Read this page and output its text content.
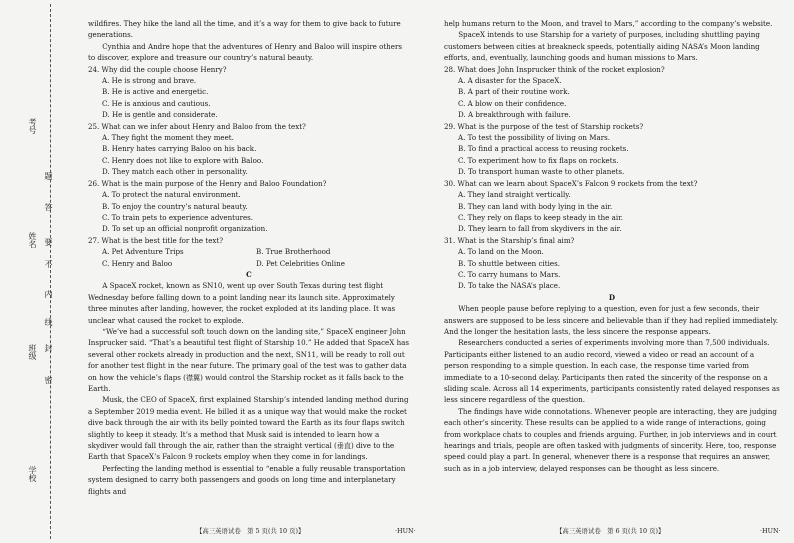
考号
姓名
班级
学校
题
答
要
不
内
线
封
密

wildfires. They hike the land all the time, and it’s a way for them to give back to future generations.

Cynthia and Andre hope that the adventures of Henry and Baloo will inspire others to discover, explore and treasure our country’s natural beauty.

24. Why did the couple choose Henry?

A. He is strong and brave.

B. He is active and energetic.

C. He is anxious and cautious.

D. He is gentle and considerate.

25. What can we infer about Henry and Baloo from the text?

A. They fight the moment they meet.

B. Henry hates carrying Baloo on his back.

C. Henry does not like to explore with Baloo.

D. They match each other in personality.

26. What is the main purpose of the Henry and Baloo Foundation?

A. To protect the natural environment.

B. To enjoy the country’s natural beauty.

C. To train pets to experience adventures.

D. To set up an official nonprofit organization.

27. What is the best title for the text?

A. Pet Adventure Trips	B. True Brotherhood
C. Henry and Baloo	D. Pet Celebrities Online

C

A SpaceX rocket, known as SN10, went up over South Texas during test flight Wednesday before falling down to a point landing near its launch site. Approximately three minutes after landing, however, the rocket exploded at its landing place. It was unclear what caused the rocket to explode.

“We’ve had a successful soft touch down on the landing site,” SpaceX engineer John Insprucker said. “That’s a beautiful test flight of Starship 10.” He added that SpaceX has several other rockets already in production and the next, SN11, will be ready to roll out for another test flight in the near future. The primary goal of the test was to gather data on how the vehicle’s flaps (襟翼) would control the Starship rocket as it falls back to the Earth.

Musk, the CEO of SpaceX, first explained Starship’s intended landing method during a September 2019 media event. He billed it as a unique way that would make the rocket dive back through the air with its belly pointed toward the Earth as its four flaps switch slightly to keep it steady. It’s a method that Musk said is intended to learn how a skydiver would fall through the air, rather than the straight vertical (垂直) dive to the Earth that SpaceX’s Falcon 9 rockets employ when they come in for landings.

Perfecting the landing method is essential to “enable a fully reusable transportation system designed to carry both passengers and goods on long time and interplanetary flights and

help humans return to the Moon, and travel to Mars,” according to the company’s website.

SpaceX intends to use Starship for a variety of purposes, including shuttling paying customers between cities at breakneck speeds, potentially aiding NASA’s Moon landing efforts, and, eventually, launching goods and human missions to Mars.

28. What does John Insprucker think of the rocket explosion?

A. A disaster for the SpaceX.

B. A part of their routine work.

C. A blow on their confidence.

D. A breakthrough with failure.

29. What is the purpose of the test of Starship rockets?

A. To test the possibility of living on Mars.

B. To find a practical access to reusing rockets.

C. To experiment how to fix flaps on rockets.

D. To transport human waste to other planets.

30. What can we learn about SpaceX’s Falcon 9 rockets from the text?

A. They land straight vertically.

B. They can land with body lying in the air.

C. They rely on flaps to keep steady in the air.

D. They learn to fall from skydivers in the air.

31. What is the Starship’s final aim?

A. To land on the Moon.

B. To shuttle between cities.

C. To carry humans to Mars.

D. To take the NASA’s place.

D

When people pause before replying to a question, even for just a few seconds, their answers are supposed to be less sincere and believable than if they had replied immediately. And the longer the hesitation lasts, the less sincere the response appears.

Researchers conducted a series of experiments involving more than 7,500 individuals. Participants either listened to an audio record, viewed a video or read an account of a person responding to a simple question. In each case, the response time varied from immediate to a 10-second delay. Participants then rated the sincerity of the response on a sliding scale. Across all 14 experiments, participants consistently rated delayed responses as less sincere regardless of the question.

The findings have wide connotations. Whenever people are interacting, they are judging each other’s sincerity. These results can be applied to a wide range of interactions, going from workplace chats to couples and friends arguing. Further, in job interviews and in court hearings and trials, people are often tasked with judgments of sincerity. Here, too, response speed could play a part. In general, whenever there is a response that requires an answer, such as in a job interview, delayed responses can be thought as less sincere.

【高三英语试卷　第 5 页(共 10 页)】	·HUN·	【高三英语试卷　第 6 页(共 10 页)】	·HUN·
